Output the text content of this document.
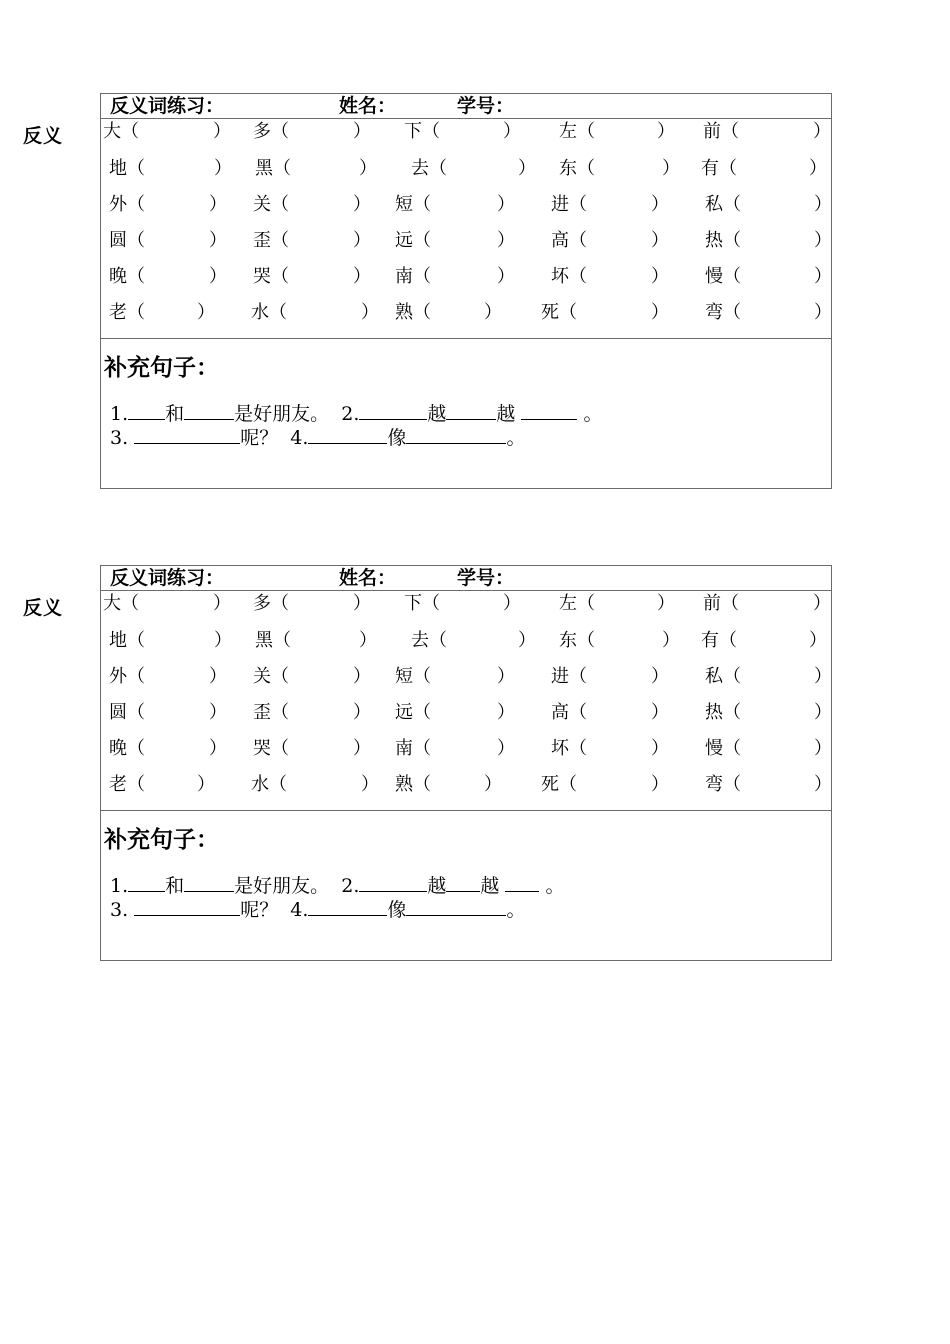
反义
反义词练习：	姓名：	学号：
大（	） 多（	） 下（	） 左（	） 前（	）
地（	） 黑（	） 去（	） 东（	） 有（	）
外（	） 关（	） 短（	） 进（	） 私（	）
圆（	） 歪（	） 远（	） 高（	） 热（	）
晚（	） 哭（	） 南（	） 坏（	） 慢（	）
老（	） 水（	） 熟（	） 死（	） 弯（	）
补充句子：
1. 和	是好朋友。 2.	越	越	。
3.	呢？ 4.	像	。
反义
反义词练习：	姓名：	学号：
大（	） 多（	） 下（	） 左（	） 前（	）
地（	） 黑（	） 去（	） 东（	） 有（	）
外（	） 关（	） 短（	） 进（	） 私（	）
圆（	） 歪（	） 远（	） 高（	） 热（	）
晚（	） 哭（	） 南（	） 坏（	） 慢（	）
老（	） 水（	） 熟（	） 死（	） 弯（	）
补充句子：
1. 和	是好朋友。 2.	越 越 。
3.	呢？ 4.	像	。
